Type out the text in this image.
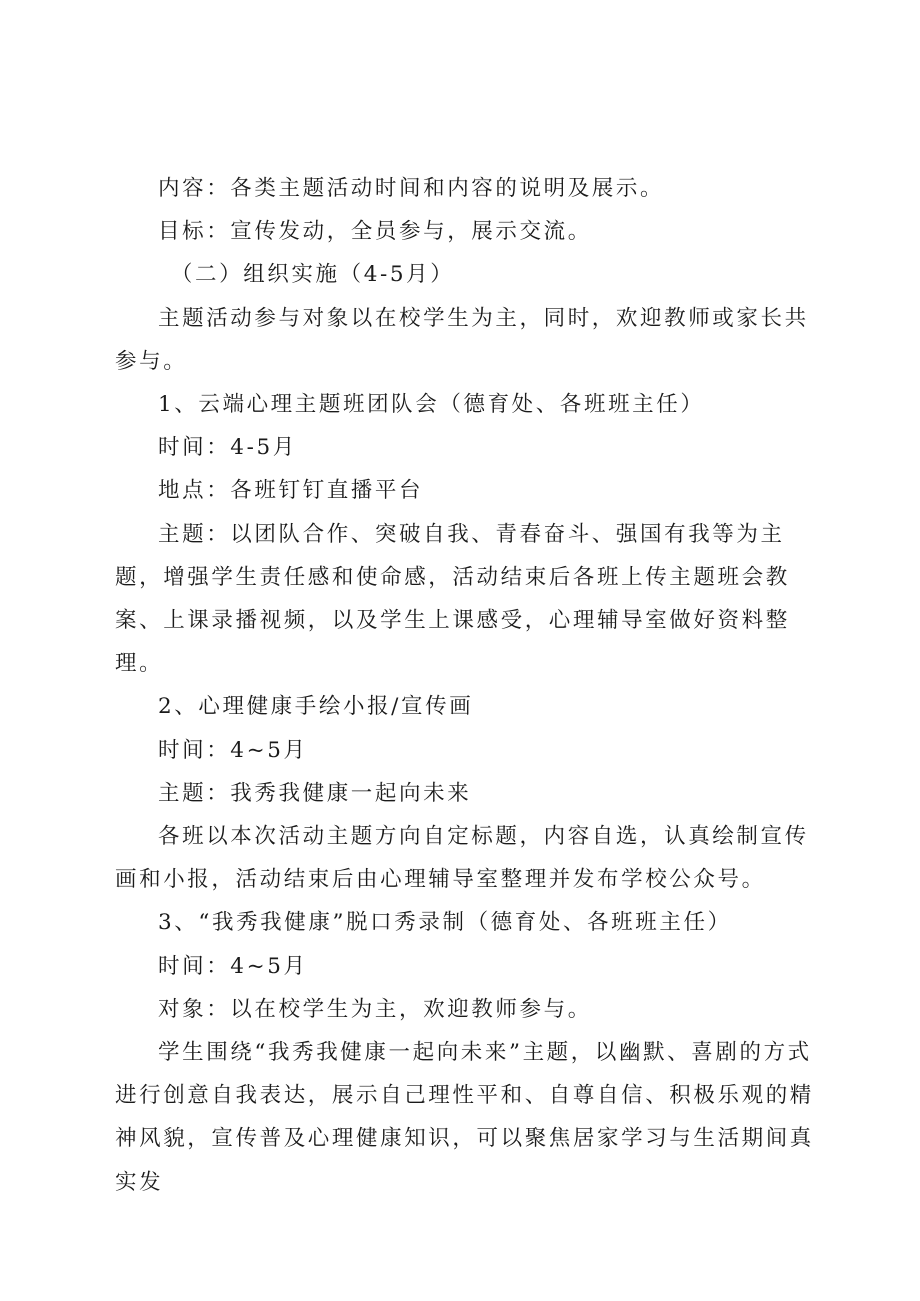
内容：各类主题活动时间和内容的说明及展示。

目标：宣传发动，全员参与，展示交流。

（二）组织实施（4-5月）

主题活动参与对象以在校学生为主，同时，欢迎教师或家长共参与。

1、云端心理主题班团队会（德育处、各班班主任）

时间：4-5月

地点：各班钉钉直播平台

主题：以团队合作、突破自我、青春奋斗、强国有我等为主题，增强学生责任感和使命感，活动结束后各班上传主题班会教案、上课录播视频，以及学生上课感受，心理辅导室做好资料整理。

2、心理健康手绘小报/宣传画

时间：4~5月

主题：我秀我健康一起向未来

各班以本次活动主题方向自定标题，内容自选，认真绘制宣传画和小报，活动结束后由心理辅导室整理并发布学校公众号。

3、“我秀我健康”脱口秀录制（德育处、各班班主任）

时间：4~5月

对象：以在校学生为主，欢迎教师参与。

学生围绕“我秀我健康一起向未来”主题，以幽默、喜剧的方式进行创意自我表达，展示自己理性平和、自尊自信、积极乐观的精神风貌，宣传普及心理健康知识，可以聚焦居家学习与生活期间真实发
